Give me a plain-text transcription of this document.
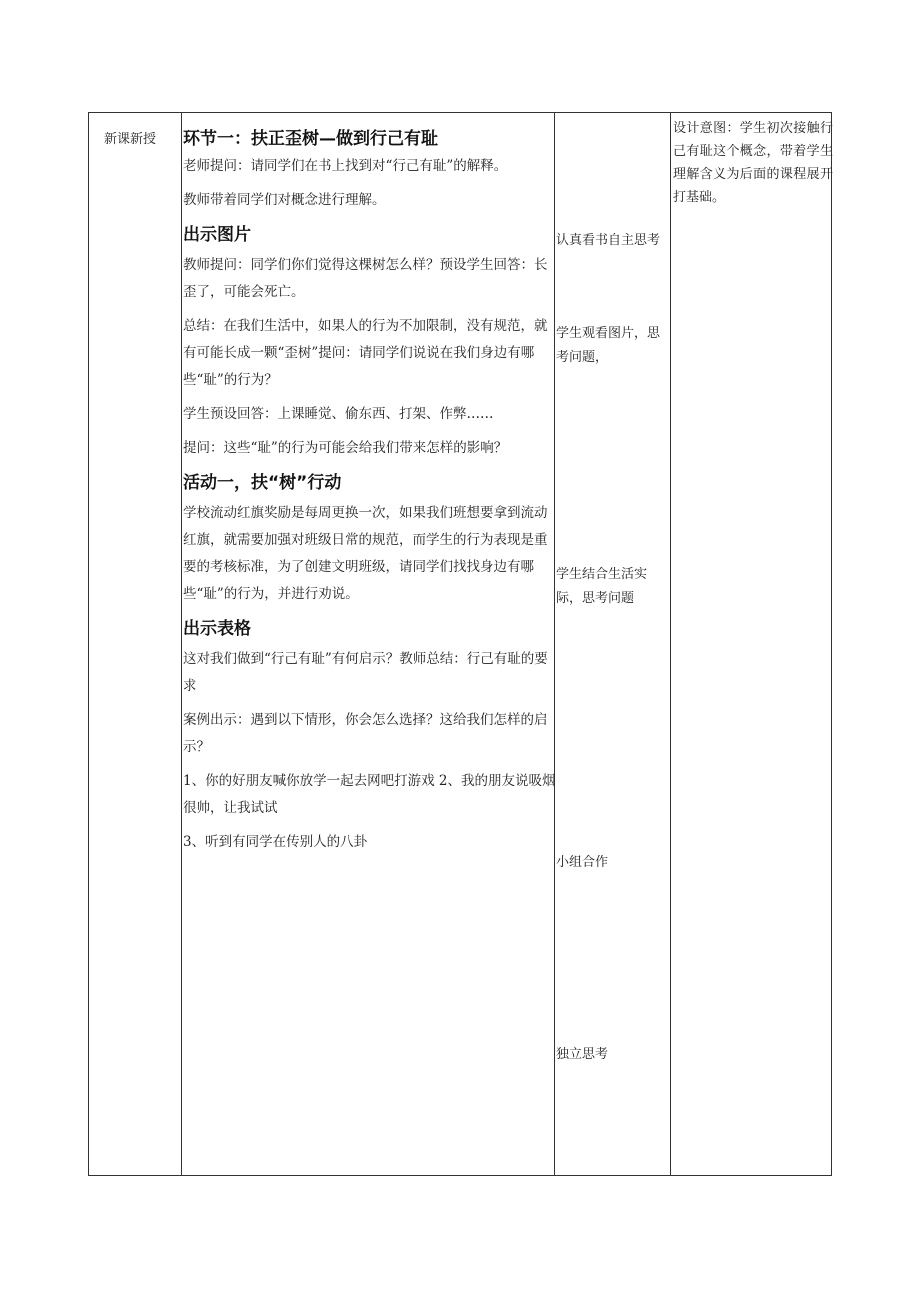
新课新授 环节一：扶正歪树—做到行己有耻
老师提问：请同学们在书上找到对“行己有耻”的解释。
教师带着同学们对概念进行理解。
出示图片
教师提问：同学们你们觉得这棵树怎么样？预设学生回答：长歪了，可能会死亡。
总结：在我们生活中，如果人的行为不加限制，没有规范，就有可能长成一颗“歪树”提问：请同学们说说在我们身边有哪些“耻”的行为？
学生预设回答：上课睡觉、偷东西、打架、作弊……
提问：这些“耻”的行为可能会给我们带来怎样的影响？
活动一，扶“树”行动
学校流动红旗奖励是每周更换一次，如果我们班想要拿到流动红旗，就需要加强对班级日常的规范，而学生的行为表现是重要的考核标准，为了创建文明班级，请同学们找找身边有哪些“耻”的行为，并进行劝说。
出示表格
这对我们做到“行己有耻”有何启示？教师总结：行己有耻的要求
案例出示：遇到以下情形，你会怎么选择？这给我们怎样的启示？
1、你的好朋友喊你放学一起去网吧打游戏 2、我的朋友说吸烟很帅，让我试试
3、听到有同学在传别人的八卦
认真看书自主思考
学生观看图片，思考问题，
学生结合生活实际，思考问题
小组合作
独立思考
设计意图：学生初次接触行己有耻这个概念，带着学生理解含义为后面的课程展开打基础。
